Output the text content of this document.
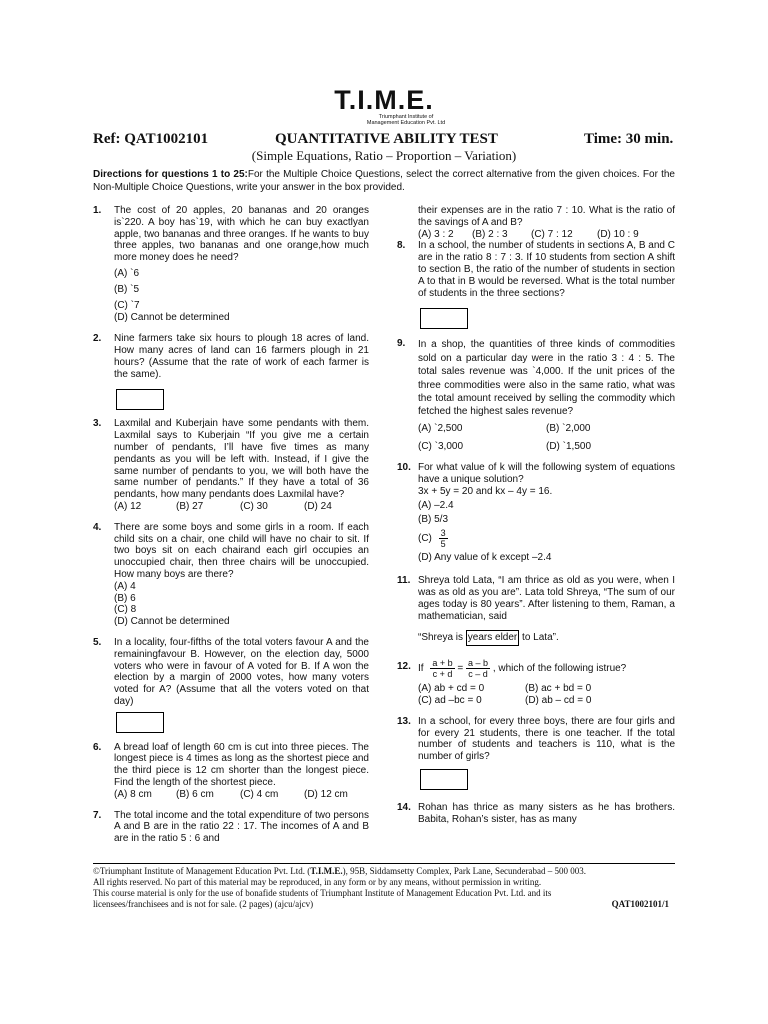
T.I.M.E.
Triumphant Institute of
Management Education Pvt. Ltd
Ref: QAT1002101	QUANTITATIVE ABILITY TEST	Time: 30 min.
(Simple Equations, Ratio – Proportion – Variation)
Directions for questions 1 to 25:For the Multiple Choice Questions, select the correct alternative from the given choices. For the Non-Multiple Choice Questions, write your answer in the box provided.
1. The cost of 20 apples, 20 bananas and 20 oranges is`220. A boy has`19, with which he can buy exactlyan apple, two bananas and three oranges. If he wants to buy three apples, two bananas and one orange,how much more money does he need?
(A) `6
(B) `5
(C) `7
(D) Cannot be determined
2. Nine farmers take six hours to plough 18 acres of land. How many acres of land can 16 farmers plough in 21 hours? (Assume that the rate of work of each farmer is the same).
3. Laxmilal and Kuberjain have some pendants with them. Laxmilal says to Kuberjain “If you give me a certain number of pendants, I’ll have five times as many pendants as you will be left with. Instead, if I give the same number of pendants to you, we will both have the same number of pendants.” If they have a total of 36 pendants, how many pendants does Laxmilal have?
(A) 12	(B) 27	(C) 30	(D) 24
4. There are some boys and some girls in a room. If each child sits on a chair, one child will have no chair to sit. If two boys sit on each chairand each girl occupies an unoccupied chair, then three chairs will be unoccupied. How many boys are there?
(A) 4
(B) 6
(C) 8
(D) Cannot be determined
5. In a locality, four-fifths of the total voters favour A and the remainingfavour B. However, on the election day, 5000 voters who were in favour of A voted for B. If A won the election by a margin of 2000 votes, how many voters voted for A? (Assume that all the voters voted on that day)
6. A bread loaf of length 60 cm is cut into three pieces. The longest piece is 4 times as long as the shortest piece and the third piece is 12 cm shorter than the longest piece. Find the length of the shortest piece.
(A) 8 cm (B) 6 cm	(C) 4 cm	(D) 12 cm
7. The total income and the total expenditure of two persons A and B are in the ratio 22 : 17. The incomes of A and B are in the ratio 5 : 6 and
their expenses are in the ratio 7 : 10. What is the ratio of the savings of A and B?
(A) 3 : 2 (B) 2 : 3 (C) 7 : 12 (D) 10 : 9
8. In a school, the number of students in sections A, B and C are in the ratio 8 : 7 : 3. If 10 students from section A shift to section B, the ratio of the number of students in section A to that in B would be reversed. What is the total number of students in the three sections?
9. In a shop, the quantities of three kinds of commodities sold on a particular day were in the ratio 3 : 4 : 5. The total sales revenue was `4,000. If the unit prices of the three commodities were also in the same ratio, what was the total amount received by selling the commodity which fetched the highest sales revenue?
(A) `2,500	(B) `2,000
(C) `3,000	(D) `1,500
10. For what value of k will the following system of equations have a unique solution?
3x + 5y = 20 and kx – 4y = 16.
(A) –2.4
(B) 5/3
$(C) \frac{3}{5}$
(D) Any value of k except –2.4
11. Shreya told Lata, “I am thrice as old as you were, when I was as old as you are”. Lata told Shreya, “The sum of our ages today is 80 years”. After listening to them, Raman, a mathematician, said
“Shreya is years elder to Lata”.
12. If $\frac{a + b}{c + d} = \frac{a - b}{c - d}$ , which of the following istrue?
(A) ab + cd = 0	(B) ac + bd = 0
(C) ad –bc = 0	(D) ab – cd = 0
13. In a school, for every three boys, there are four girls and for every 21 students, there is one teacher. If the total number of students and teachers is 110, what is the number of girls?
14. Rohan has thrice as many sisters as he has brothers. Babita, Rohan’s sister, has as many
©Triumphant Institute of Management Education Pvt. Ltd. (T.I.M.E.), 95B, Siddamsetty Complex, Park Lane, Secunderabad – 500 003.
All rights reserved. No part of this material may be reproduced, in any form or by any means, without permission in writing.
This course material is only for the use of bonafide students of Triumphant Institute of Management Education Pvt. Ltd. and its
licensees/franchisees and is not for sale. (2 pages) (ajcu/ajcv)	QAT1002101/1
